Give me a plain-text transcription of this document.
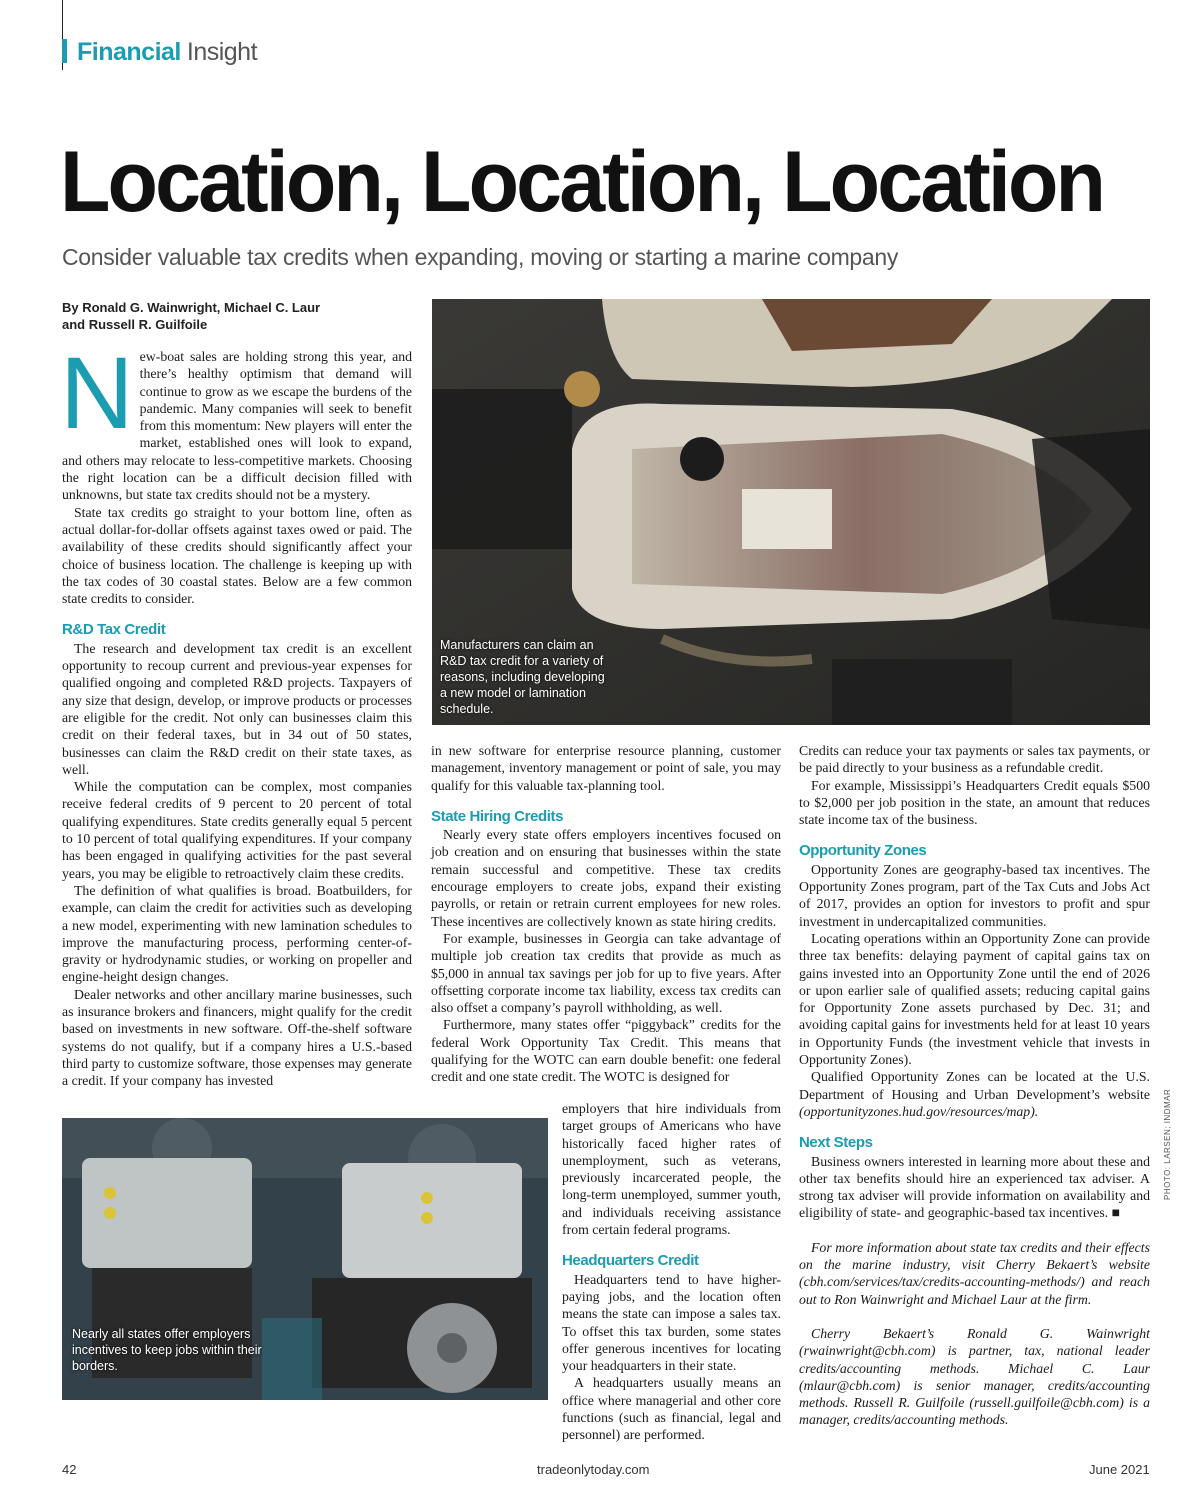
Financial Insight
Location, Location, Location
Consider valuable tax credits when expanding, moving or starting a marine company
By Ronald G. Wainwright, Michael C. Laur
and Russell R. Guilfoile

New-boat sales are holding strong this year, and there’s healthy optimism that demand will continue to grow as we escape the burdens of the pandemic. Many companies will seek to benefit from this momentum: New players will enter the market, established ones will look to expand, and others may relocate to less-competitive markets. Choosing the right location can be a difficult decision filled with unknowns, but state tax credits should not be a mystery.

State tax credits go straight to your bottom line, often as actual dollar-for-dollar offsets against taxes owed or paid. The availability of these credits should significantly affect your choice of business location. The challenge is keeping up with the tax codes of 30 coastal states. Below are a few common state credits to consider.

R&D Tax Credit

The research and development tax credit is an excellent opportunity to recoup current and previous-year expenses for qualified ongoing and completed R&D projects. Taxpayers of any size that design, develop, or improve products or processes are eligible for the credit. Not only can businesses claim this credit on their federal taxes, but in 34 out of 50 states, businesses can claim the R&D credit on their state taxes, as well.

While the computation can be complex, most companies receive federal credits of 9 percent to 20 percent of total qualifying expenditures. State credits generally equal 5 percent to 10 percent of total qualifying expenditures. If your company has been engaged in qualifying activities for the past several years, you may be eligible to retroactively claim these credits.

The definition of what qualifies is broad. Boatbuilders, for example, can claim the credit for activities such as developing a new model, experimenting with new lamination schedules to improve the manufacturing process, performing center-of-gravity or hydrodynamic studies, or working on propeller and engine-height design changes.

Dealer networks and other ancillary marine businesses, such as insurance brokers and financers, might qualify for the credit based on investments in new software. Off-the-shelf software systems do not qualify, but if a company hires a U.S.-based third party to customize software, those expenses may generate a credit. If your company has invested

Manufacturers can claim an R&D tax credit for a variety of reasons, including developing a new model or lamination schedule.

in new software for enterprise resource planning, customer management, inventory management or point of sale, you may qualify for this valuable tax-planning tool.

State Hiring Credits

Nearly every state offers employers incentives focused on job creation and on ensuring that businesses within the state remain successful and competitive. These tax credits encourage employers to create jobs, expand their existing payrolls, or retain or retrain current employees for new roles. These incentives are collectively known as state hiring credits.

For example, businesses in Georgia can take advantage of multiple job creation tax credits that provide as much as $5,000 in annual tax savings per job for up to five years. After offsetting corporate income tax liability, excess tax credits can also offset a company’s payroll withholding, as well.

Furthermore, many states offer “piggyback” credits for the federal Work Opportunity Tax Credit. This means that qualifying for the WOTC can earn double benefit: one federal credit and one state credit. The WOTC is designed for

employers that hire individuals from target groups of Americans who have historically faced higher rates of unemployment, such as veterans, previously incarcerated people, the long-term unemployed, summer youth, and individuals receiving assistance from certain federal programs.

Headquarters Credit

Headquarters tend to have higher-paying jobs, and the location often means the state can impose a sales tax. To offset this tax burden, some states offer generous incentives for locating your headquarters in their state.

A headquarters usually means an office where managerial and other core functions (such as financial, legal and personnel) are performed.

Nearly all states offer employers incentives to keep jobs within their borders.

Credits can reduce your tax payments or sales tax payments, or be paid directly to your business as a refundable credit.

For example, Mississippi’s Headquarters Credit equals $500 to $2,000 per job position in the state, an amount that reduces state income tax of the business.

Opportunity Zones

Opportunity Zones are geography-based tax incentives. The Opportunity Zones program, part of the Tax Cuts and Jobs Act of 2017, provides an option for investors to profit and spur investment in undercapitalized communities.

Locating operations within an Opportunity Zone can provide three tax benefits: delaying payment of capital gains tax on gains invested into an Opportunity Zone until the end of 2026 or upon earlier sale of qualified assets; reducing capital gains for Opportunity Zone assets purchased by Dec. 31; and avoiding capital gains for investments held for at least 10 years in Opportunity Funds (the investment vehicle that invests in Opportunity Zones).

Qualified Opportunity Zones can be located at the U.S. Department of Housing and Urban Development’s website (opportunityzones.hud.gov/resources/map).

Next Steps

Business owners interested in learning more about these and other tax benefits should hire an experienced tax adviser. A strong tax adviser will provide information on availability and eligibility of state- and geographic-based tax incentives. ■

For more information about state tax credits and their effects on the marine industry, visit Cherry Bekaert’s website (cbh.com/services/tax/credits-accounting-methods/) and reach out to Ron Wainwright and Michael Laur at the firm.

Cherry Bekaert’s Ronald G. Wainwright (rwainwright@cbh.com) is partner, tax, national leader credits/accounting methods. Michael C. Laur (mlaur@cbh.com) is senior manager, credits/accounting methods. Russell R. Guilfoile (russell.guilfoile@cbh.com) is a manager, credits/accounting methods.

PHOTO: LARSEN; INDMAR
42	tradeonlytoday.com	June 2021
